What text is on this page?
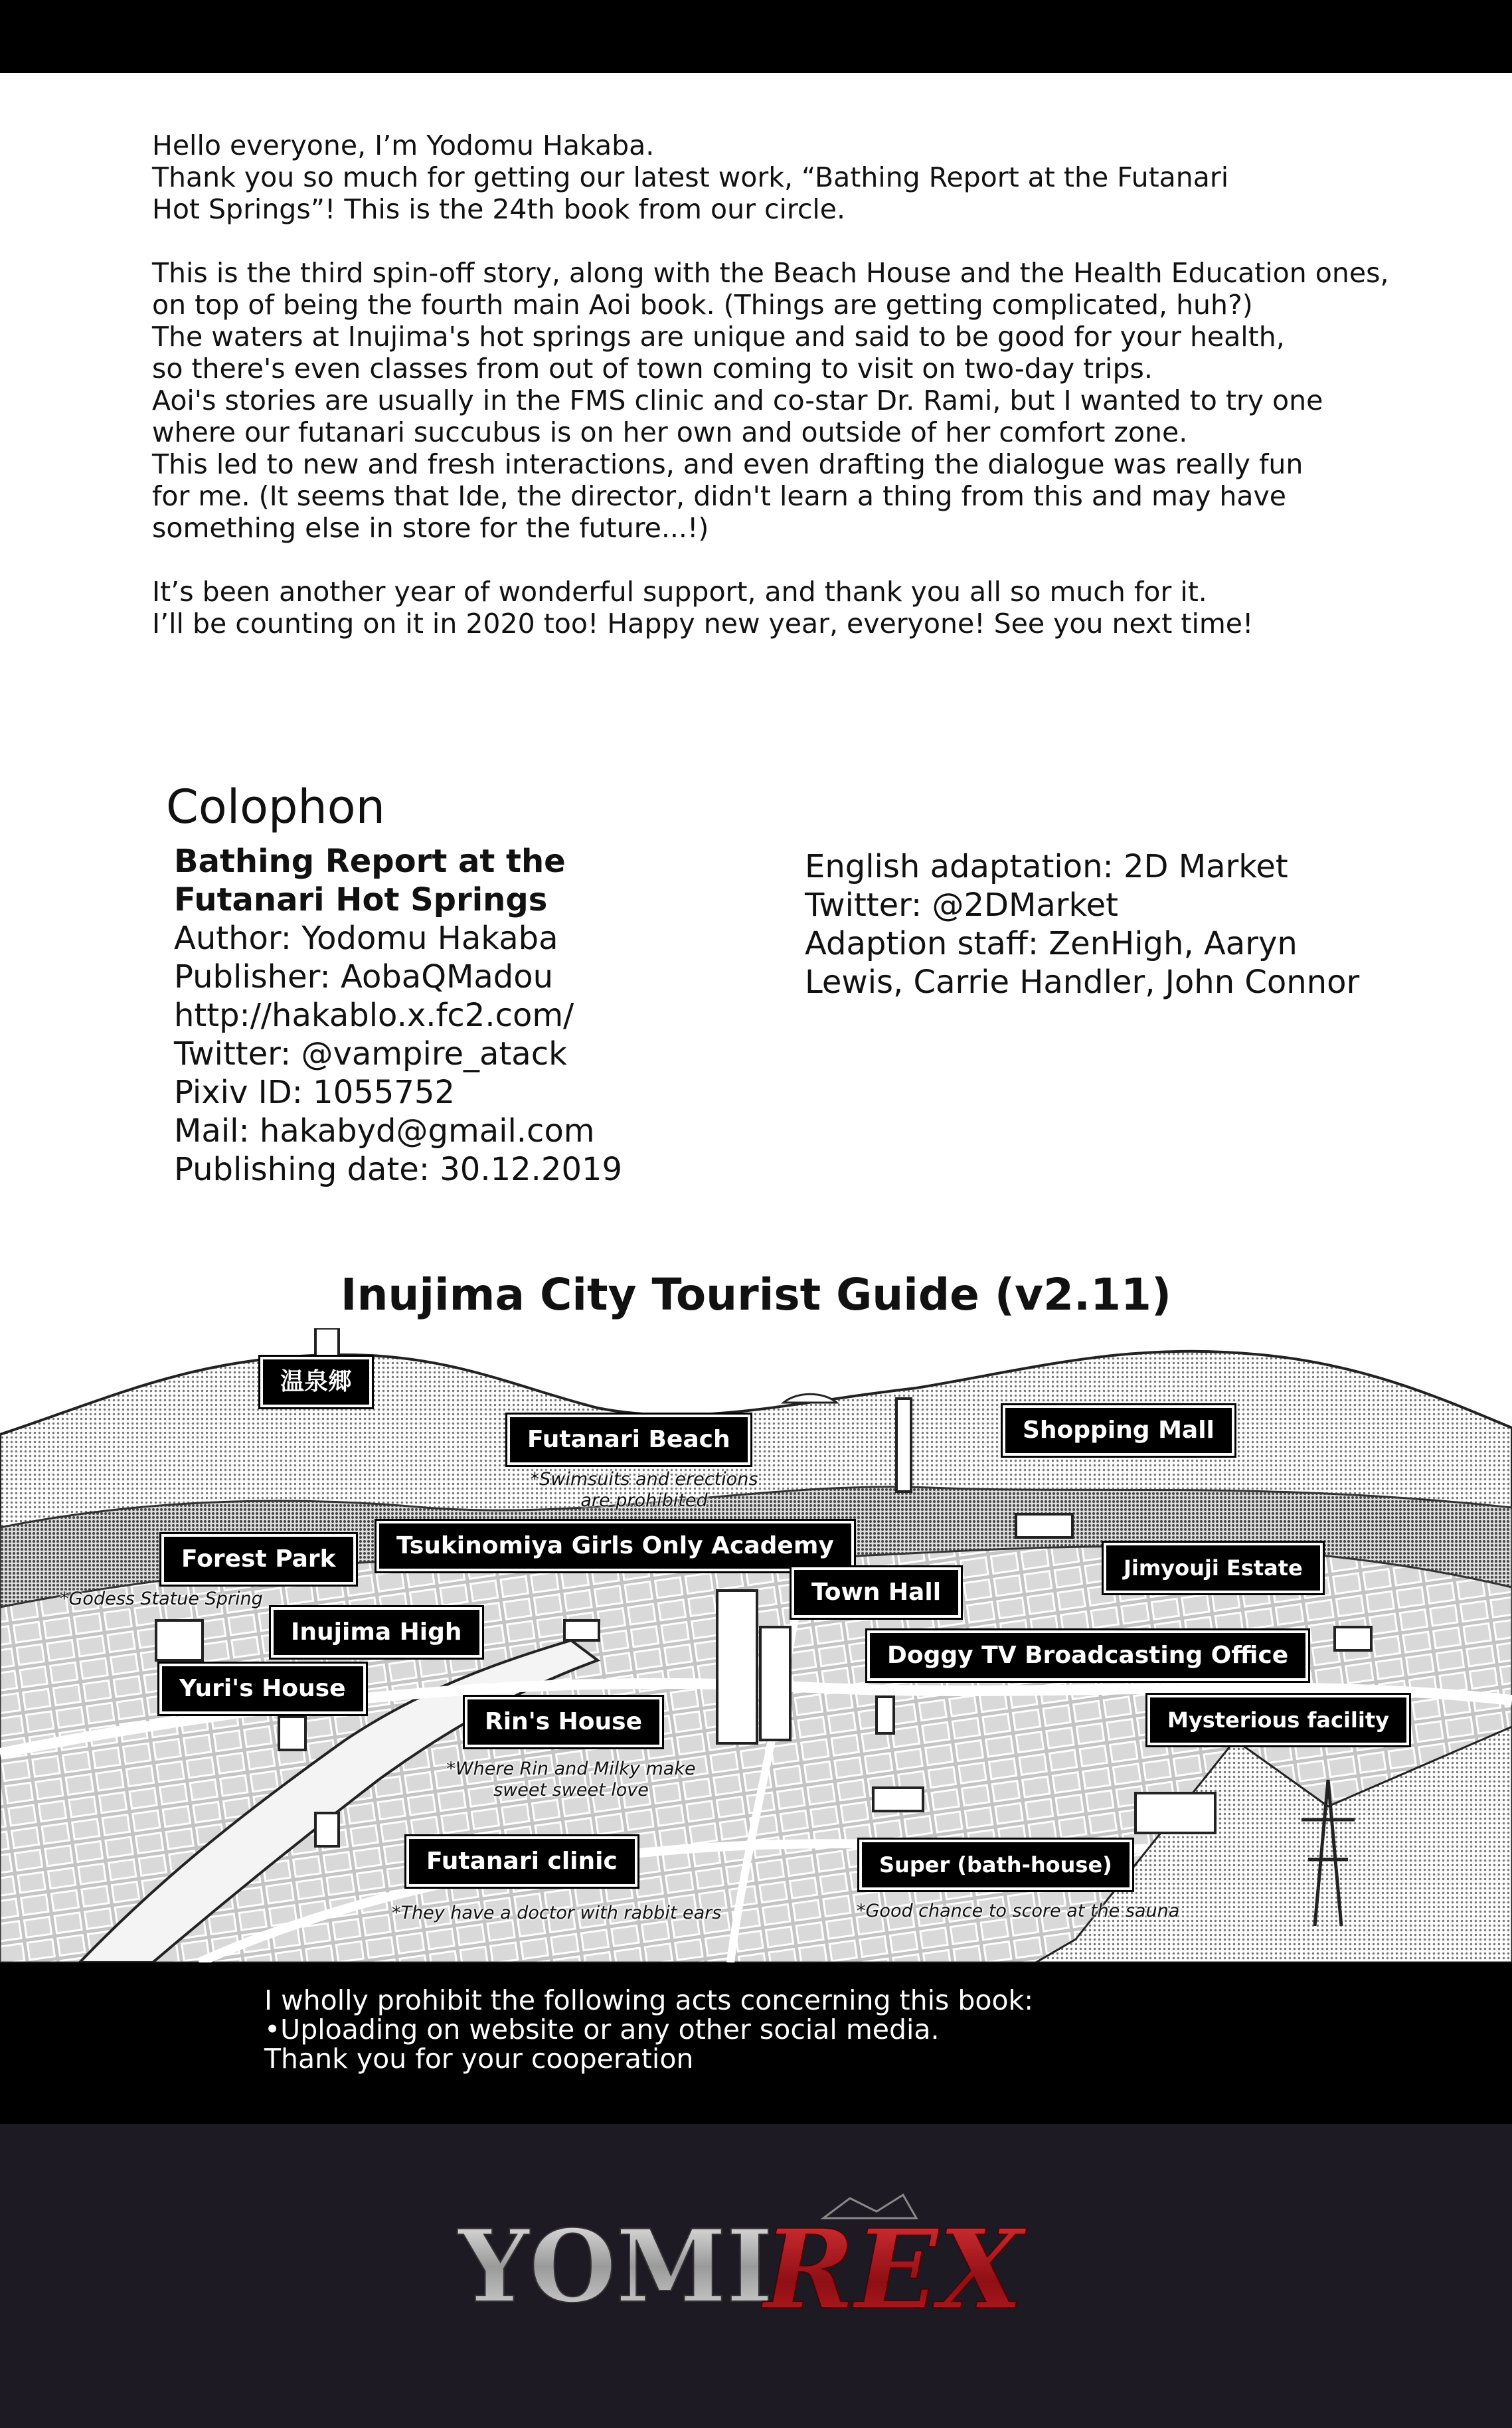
Hello everyone, I’m Yodomu Hakaba.
Thank you so much for getting our latest work, “Bathing Report at the Futanari
Hot Springs”! This is the 24th book from our circle.

This is the third spin-off story, along with the Beach House and the Health Education ones,
on top of being the fourth main Aoi book. (Things are getting complicated, huh?)
The waters at Inujima's hot springs are unique and said to be good for your health,
so there's even classes from out of town coming to visit on two-day trips.
Aoi's stories are usually in the FMS clinic and co-star Dr. Rami, but I wanted to try one
where our futanari succubus is on her own and outside of her comfort zone.
This led to new and fresh interactions, and even drafting the dialogue was really fun
for me. (It seems that Ide, the director, didn't learn a thing from this and may have
something else in store for the future...!)

It’s been another year of wonderful support, and thank you all so much for it.
I’ll be counting on it in 2020 too! Happy new year, everyone! See you next time!

Colophon
Bathing Report at the
Futanari Hot Springs
Author: Yodomu Hakaba
Publisher: AobaQMadou
http://hakablo.x.fc2.com/
Twitter: @vampire_atack
Pixiv ID: 1055752
Mail: hakabyd@gmail.com
Publishing date: 30.12.2019
English adaptation: 2D Market
Twitter: @2DMarket
Adaption staff: ZenHigh, Aaryn
Lewis, Carrie Handler, John Connor
Inujima City Tourist Guide (v2.11)
温泉郷
Futanari Beach	Shopping Mall
Forest Park	Tsukinomiya Girls Only Academy
Town Hall
Jimyouji Estate
Inujima High
Doggy TV Broadcasting Office
Yuri's House
Rin's House	Mysterious facility
Futanari clinic	Super (bath-house)
*Swimsuits and erections
are prohibited
*Godess Statue Spring
*Where Rin and Milky make
sweet sweet love
*They have a doctor with rabbit ears	*Good chance to score at the sauna
I wholly prohibit the following acts concerning this book:
•Uploading on website or any other social media.
Thank you for your cooperation
YOMI
REX
